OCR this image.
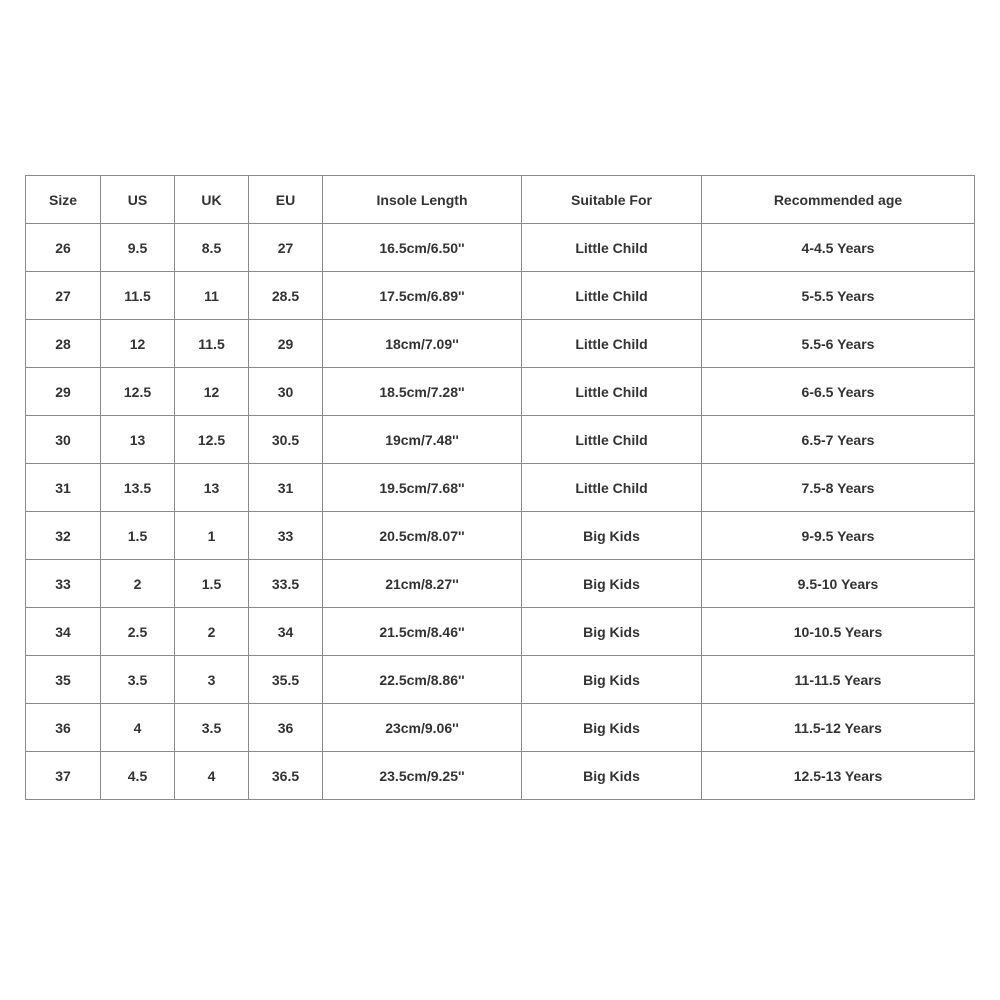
Size	US	UK	EU	Insole Length	Suitable For	Recommended age
26	9.5	8.5	27	16.5cm/6.50''	Little Child	4-4.5 Years
27	11.5	11	28.5	17.5cm/6.89''	Little Child	5-5.5 Years
28	12	11.5	29	18cm/7.09''	Little Child	5.5-6 Years
29	12.5	12	30	18.5cm/7.28''	Little Child	6-6.5 Years
30	13	12.5	30.5	19cm/7.48''	Little Child	6.5-7 Years
31	13.5	13	31	19.5cm/7.68''	Little Child	7.5-8 Years
32	1.5	1	33	20.5cm/8.07''	Big Kids	9-9.5 Years
33	2	1.5	33.5	21cm/8.27''	Big Kids	9.5-10 Years
34	2.5	2	34	21.5cm/8.46''	Big Kids	10-10.5 Years
35	3.5	3	35.5	22.5cm/8.86''	Big Kids	11-11.5 Years
36	4	3.5	36	23cm/9.06''	Big Kids	11.5-12 Years
37	4.5	4	36.5	23.5cm/9.25''	Big Kids	12.5-13 Years
